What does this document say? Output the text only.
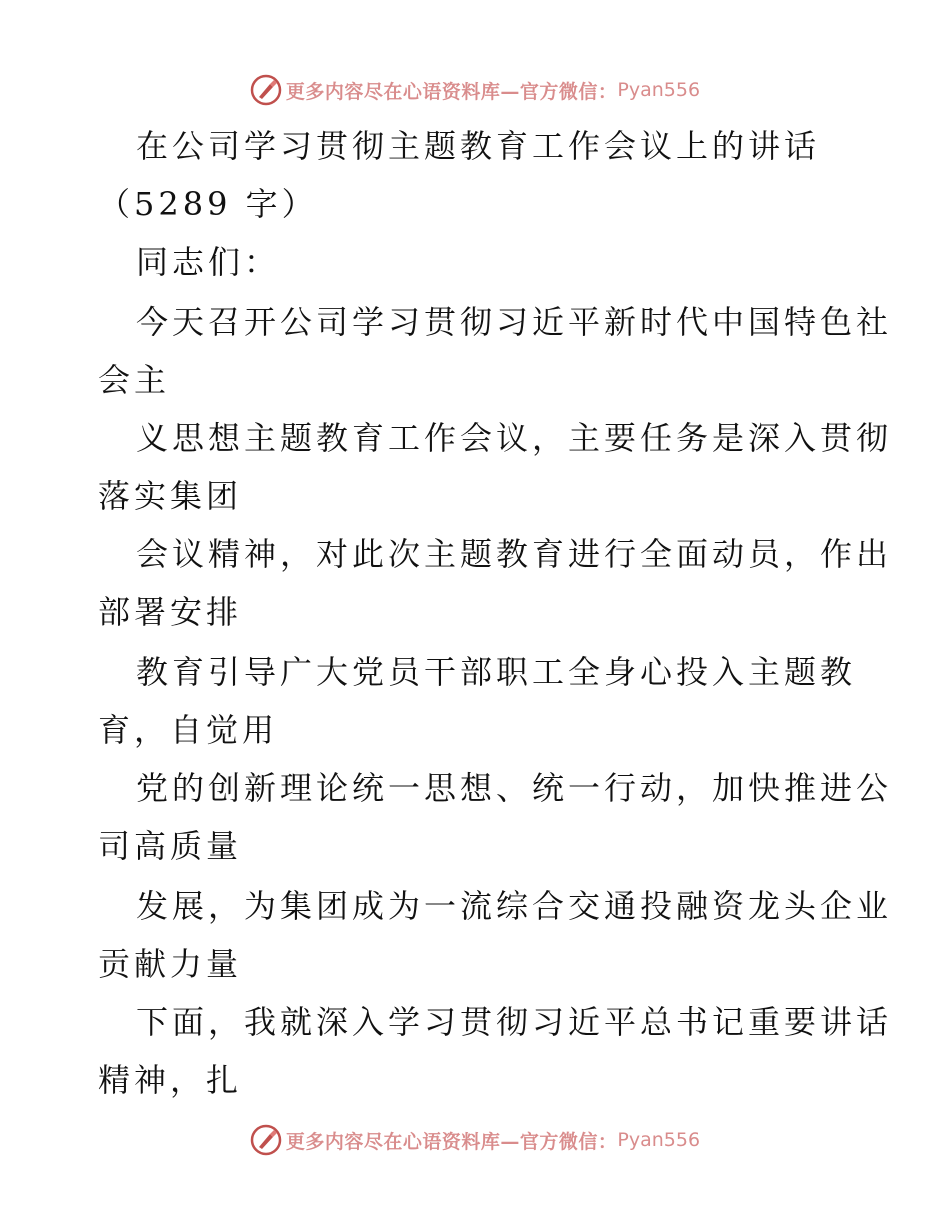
更多内容尽在心语资料库—官方微信： Pyan556
在公司学习贯彻主题教育工作会议上的讲话
（5289 字）
同志们：
今天召开公司学习贯彻习近平新时代中国特色社
会主
义思想主题教育工作会议，主要任务是深入贯彻
落实集团
会议精神，对此次主题教育进行全面动员，作出
部署安排
教育引导广大党员干部职工全身心投入主题教
育，自觉用
党的创新理论统一思想、统一行动，加快推进公
司高质量
发展，为集团成为一流综合交通投融资龙头企业
贡献力量
下面，我就深入学习贯彻习近平总书记重要讲话
精神，扎
更多内容尽在心语资料库—官方微信： Pyan556
